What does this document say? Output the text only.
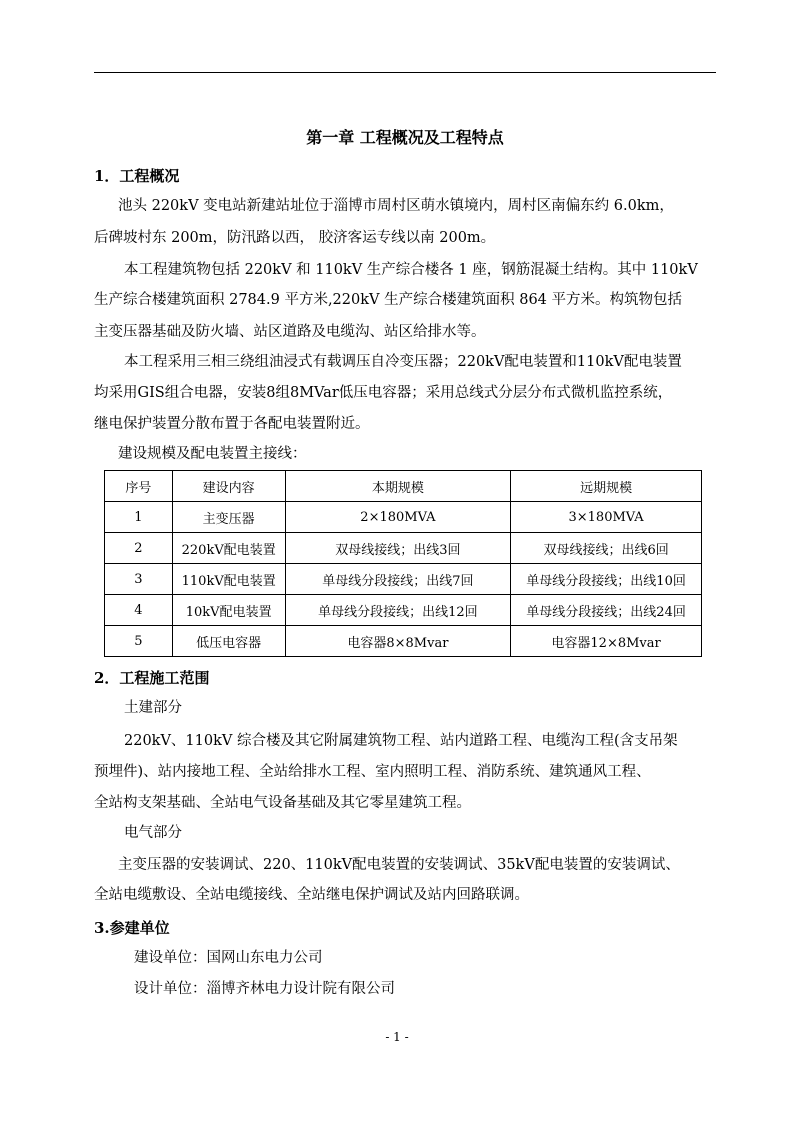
第一章 工程概况及工程特点
1．工程概况
池头 220kV 变电站新建站址位于淄博市周村区萌水镇境内，周村区南偏东约 6.0km，
后碑坡村东 200m，防汛路以西， 胶济客运专线以南 200m。
本工程建筑物包括 220kV 和 110kV 生产综合楼各 1 座，钢筋混凝土结构。其中 110kV
生产综合楼建筑面积 2784.9 平方米,220kV 生产综合楼建筑面积 864 平方米。构筑物包括
主变压器基础及防火墙、站区道路及电缆沟、站区给排水等。
本工程采用三相三绕组油浸式有载调压自冷变压器；220kV配电装置和110kV配电装置
均采用GIS组合电器，安装8组8MVar低压电容器；采用总线式分层分布式微机监控系统，
继电保护装置分散布置于各配电装置附近。
建设规模及配电装置主接线：
序号	建设内容	本期规模	远期规模
1	主变压器	2×180MVA	3×180MVA
2	220kV配电装置	双母线接线；出线3回	双母线接线；出线6回
3	110kV配电装置	单母线分段接线；出线7回	单母线分段接线；出线10回
4	10kV配电装置	单母线分段接线；出线12回	单母线分段接线；出线24回
5	低压电容器	电容器8×8Mvar	电容器12×8Mvar
2．工程施工范围
土建部分
220kV、110kV 综合楼及其它附属建筑物工程、站内道路工程、电缆沟工程(含支吊架
预埋件)、站内接地工程、全站给排水工程、室内照明工程、消防系统、建筑通风工程、
全站构支架基础、全站电气设备基础及其它零星建筑工程。
电气部分
主变压器的安装调试、220、110kV配电装置的安装调试、35kV配电装置的安装调试、
全站电缆敷设、全站电缆接线、全站继电保护调试及站内回路联调。
3.参建单位
建设单位：国网山东电力公司
设计单位：淄博齐林电力设计院有限公司
- 1 -
